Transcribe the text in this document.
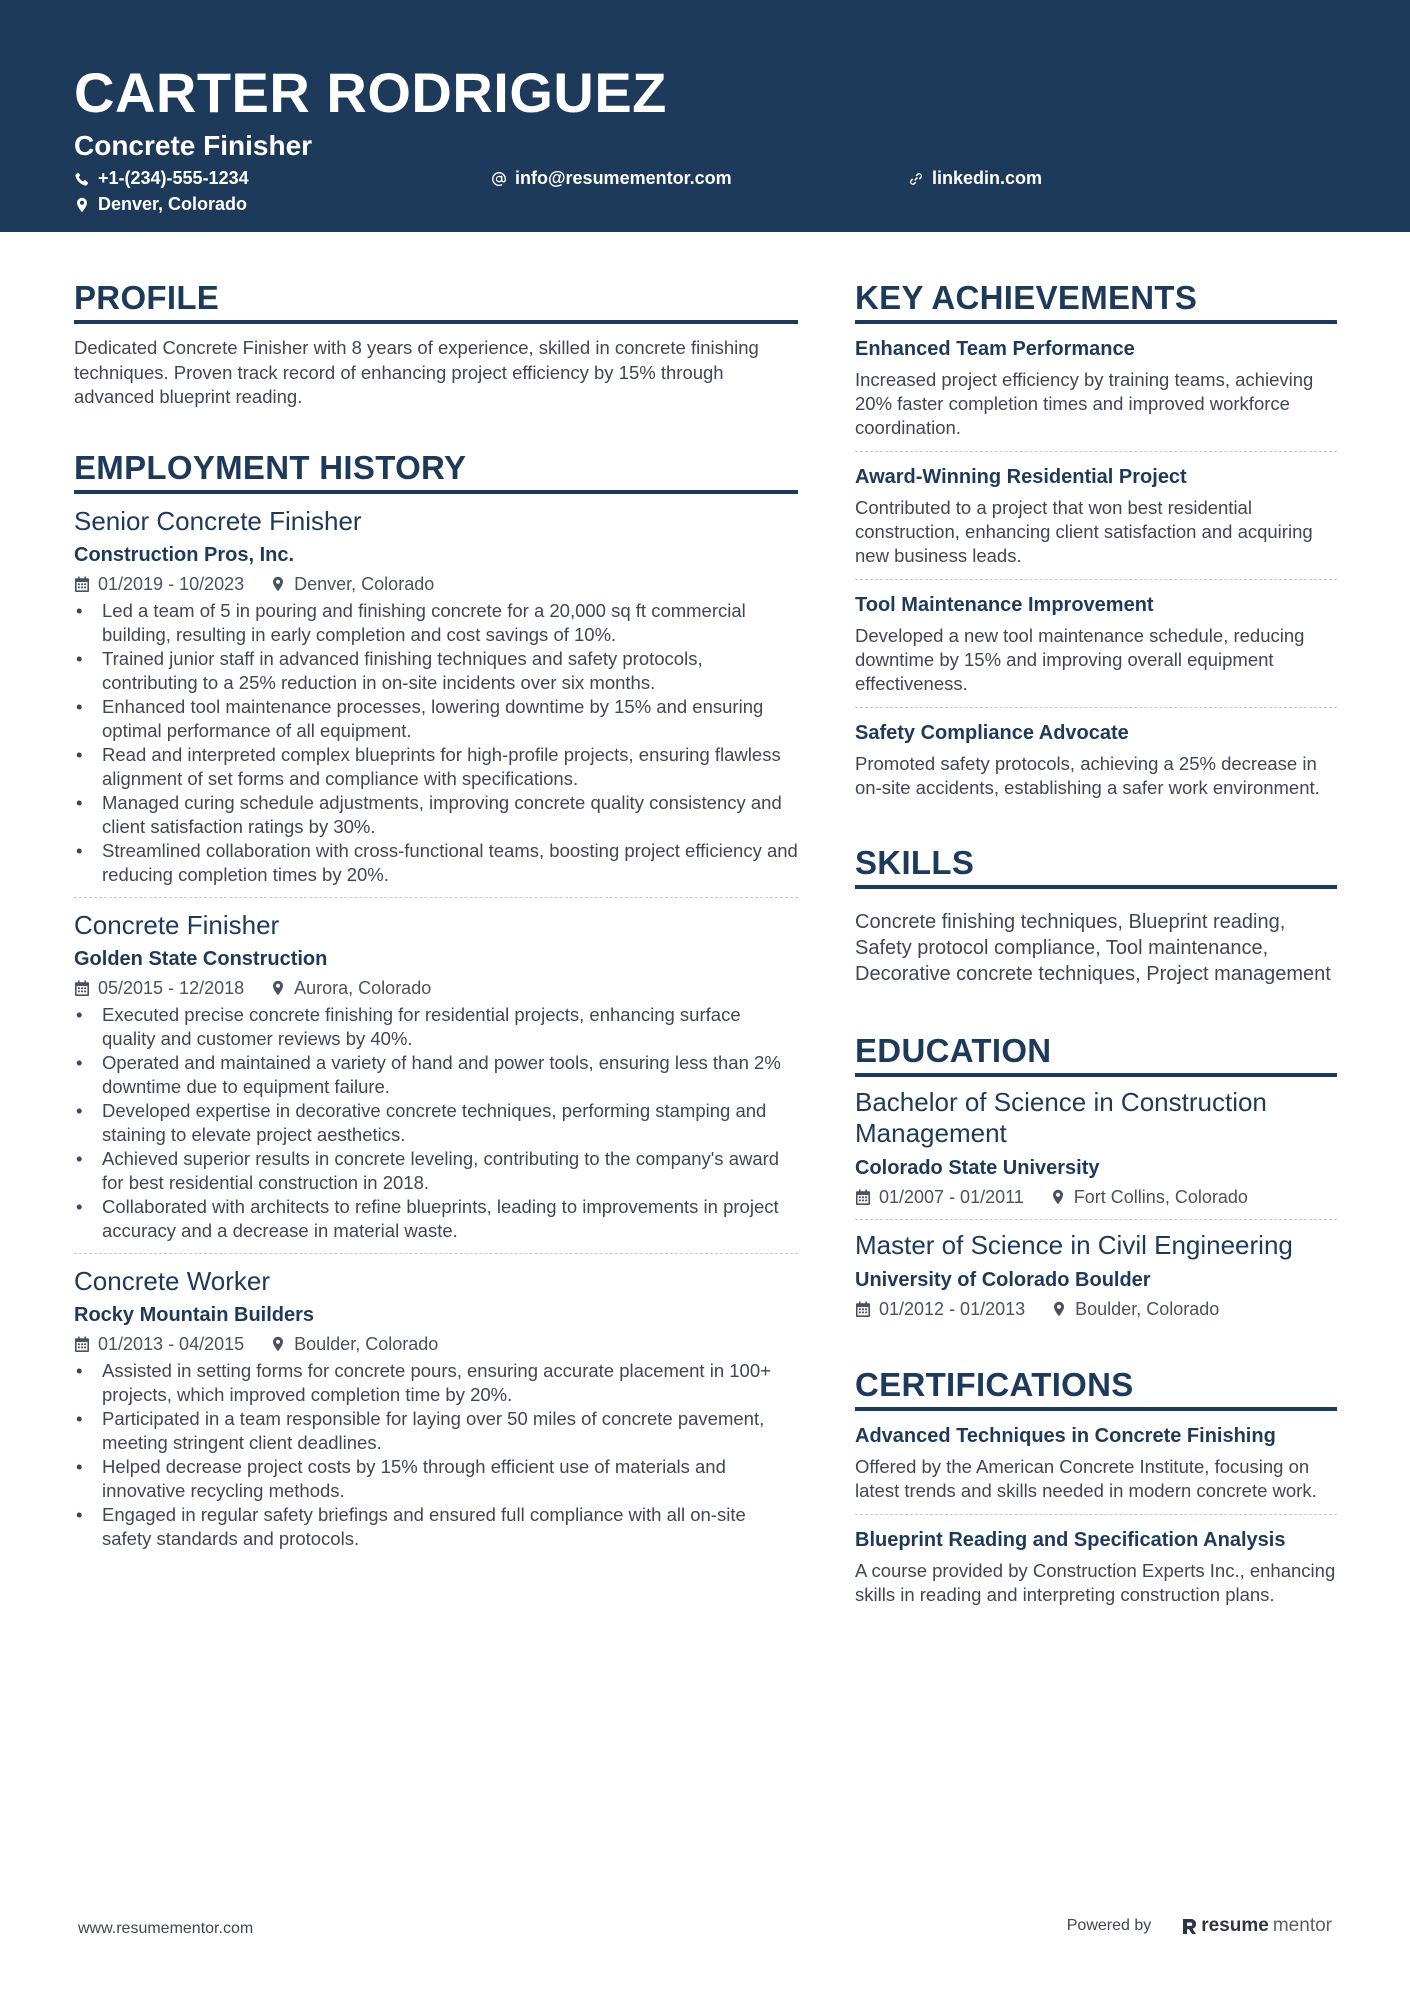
CARTER RODRIGUEZ
Concrete Finisher
+1-(234)-555-1234	info@resumementor.com	linkedin.com
Denver, Colorado
PROFILE
Dedicated Concrete Finisher with 8 years of experience, skilled in concrete finishing techniques. Proven track record of enhancing project efficiency by 15% through advanced blueprint reading.
EMPLOYMENT HISTORY
Senior Concrete Finisher
Construction Pros, Inc.
01/2019 - 10/2023	Denver, Colorado
• Led a team of 5 in pouring and finishing concrete for a 20,000 sq ft commercial building, resulting in early completion and cost savings of 10%.
• Trained junior staff in advanced finishing techniques and safety protocols, contributing to a 25% reduction in on-site incidents over six months.
• Enhanced tool maintenance processes, lowering downtime by 15% and ensuring optimal performance of all equipment.
• Read and interpreted complex blueprints for high-profile projects, ensuring flawless alignment of set forms and compliance with specifications.
• Managed curing schedule adjustments, improving concrete quality consistency and client satisfaction ratings by 30%.
• Streamlined collaboration with cross-functional teams, boosting project efficiency and reducing completion times by 20%.
Concrete Finisher
Golden State Construction
05/2015 - 12/2018	Aurora, Colorado
• Executed precise concrete finishing for residential projects, enhancing surface quality and customer reviews by 40%.
• Operated and maintained a variety of hand and power tools, ensuring less than 2% downtime due to equipment failure.
• Developed expertise in decorative concrete techniques, performing stamping and staining to elevate project aesthetics.
• Achieved superior results in concrete leveling, contributing to the company's award for best residential construction in 2018.
• Collaborated with architects to refine blueprints, leading to improvements in project accuracy and a decrease in material waste.
Concrete Worker
Rocky Mountain Builders
01/2013 - 04/2015	Boulder, Colorado
• Assisted in setting forms for concrete pours, ensuring accurate placement in 100+ projects, which improved completion time by 20%.
• Participated in a team responsible for laying over 50 miles of concrete pavement, meeting stringent client deadlines.
• Helped decrease project costs by 15% through efficient use of materials and innovative recycling methods.
• Engaged in regular safety briefings and ensured full compliance with all on-site safety standards and protocols.
KEY ACHIEVEMENTS
Enhanced Team Performance
Increased project efficiency by training teams, achieving 20% faster completion times and improved workforce coordination.
Award-Winning Residential Project
Contributed to a project that won best residential construction, enhancing client satisfaction and acquiring new business leads.
Tool Maintenance Improvement
Developed a new tool maintenance schedule, reducing downtime by 15% and improving overall equipment effectiveness.
Safety Compliance Advocate
Promoted safety protocols, achieving a 25% decrease in on-site accidents, establishing a safer work environment.
SKILLS
Concrete finishing techniques, Blueprint reading, Safety protocol compliance, Tool maintenance, Decorative concrete techniques, Project management
EDUCATION
Bachelor of Science in Construction Management
Colorado State University
01/2007 - 01/2011	Fort Collins, Colorado
Master of Science in Civil Engineering
University of Colorado Boulder
01/2012 - 01/2013	Boulder, Colorado
CERTIFICATIONS
Advanced Techniques in Concrete Finishing
Offered by the American Concrete Institute, focusing on latest trends and skills needed in modern concrete work.
Blueprint Reading and Specification Analysis
A course provided by Construction Experts Inc., enhancing skills in reading and interpreting construction plans.
www.resumementor.com	Powered by	resume mentor
